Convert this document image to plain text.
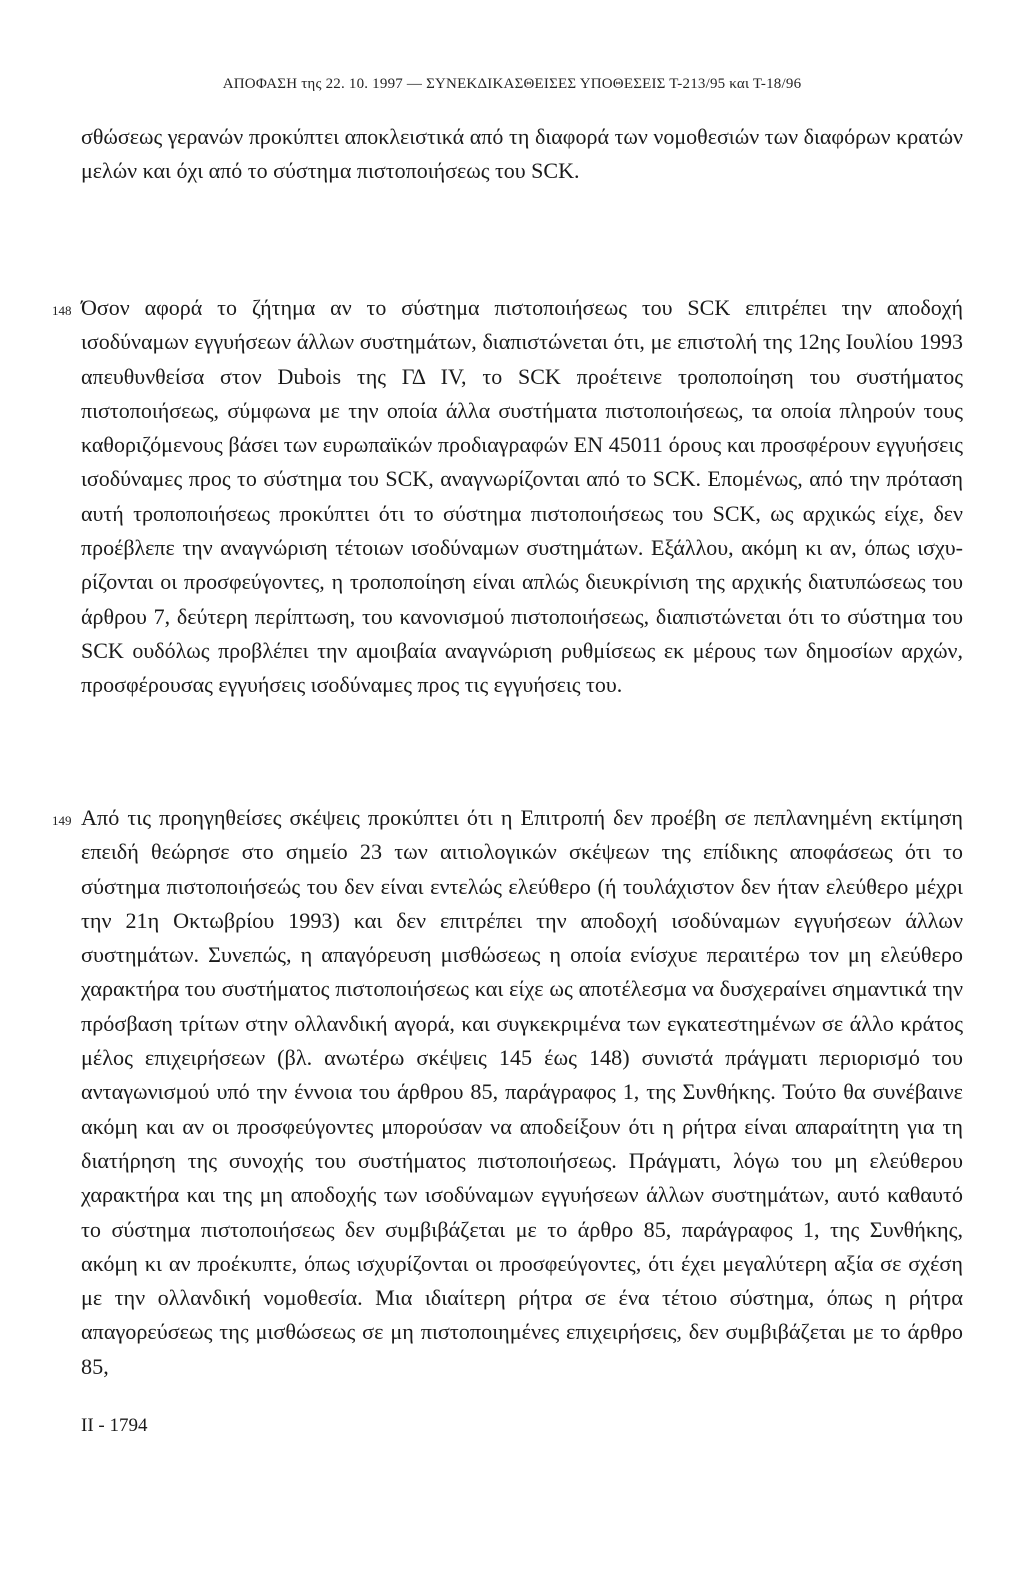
ΑΠΟΦΑΣΗ της 22. 10. 1997 — ΣΥΝΕΚΔΙΚΑΣΘΕΙΣΕΣ ΥΠΟΘΕΣΕΙΣ Τ-213/95 και Τ-18/96

σθώσεως γερανών προκύπτει αποκλειστικά από τη διαφορά των νομοθεσιών των διαφόρων κρατών μελών και όχι από το σύστημα πιστοποιήσεως του SCK.

148 Όσον αφορά το ζήτημα αν το σύστημα πιστοποιήσεως του SCK επιτρέπει την αποδοχή ισοδύναμων εγγυήσεων άλλων συστημάτων, διαπιστώνεται ότι, με επιστολή της 12ης Ιουλίου 1993 απευθυνθείσα στον Dubois της ΓΔ IV, το SCK προέτεινε τροποποίηση του συστήματος πιστοποιήσεως, σύμφωνα με την οποία άλλα συστήματα πιστοποιήσεως, τα οποία πληρούν τους καθοριζόμενους βάσει των ευρωπαϊκών προδιαγραφών EN 45011 όρους και προσφέρουν εγγυήσεις ισοδύναμες προς το σύστημα του SCK, αναγνωρίζονται από το SCK. Επομένως, από την πρόταση αυτή τροποποιήσεως προκύπτει ότι το σύστημα πιστοποιήσεως του SCK, ως αρχικώς είχε, δεν προέβλεπε την αναγνώριση τέτοιων ισοδύναμων συστημάτων. Εξάλλου, ακόμη κι αν, όπως ισχυρίζονται οι προσφεύγοντες, η τροποποίηση είναι απλώς διευκρίνιση της αρχικής διατυπώσεως του άρθρου 7, δεύτερη περίπτωση, του κανονισμού πιστοποιήσεως, διαπιστώνεται ότι το σύστημα του SCK ουδόλως προβλέπει την αμοιβαία αναγνώριση ρυθμίσεως εκ μέρους των δημοσίων αρχών, προσφέρουσας εγγυήσεις ισοδύναμες προς τις εγγυήσεις του.

149 Από τις προηγηθείσες σκέψεις προκύπτει ότι η Επιτροπή δεν προέβη σε πεπλανημένη εκτίμηση επειδή θεώρησε στο σημείο 23 των αιτιολογικών σκέψεων της επίδικης αποφάσεως ότι το σύστημα πιστοποιήσεώς του δεν είναι εντελώς ελεύθερο (ή τουλάχιστον δεν ήταν ελεύθερο μέχρι την 21η Οκτωβρίου 1993) και δεν επιτρέπει την αποδοχή ισοδύναμων εγγυήσεων άλλων συστημάτων. Συνεπώς, η απαγόρευση μισθώσεως η οποία ενίσχυε περαιτέρω τον μη ελεύθερο χαρακτήρα του συστήματος πιστοποιήσεως και είχε ως αποτέλεσμα να δυσχεραίνει σημαντικά την πρόσβαση τρίτων στην ολλανδική αγορά, και συγκεκριμένα των εγκατεστημένων σε άλλο κράτος μέλος επιχειρήσεων (βλ. ανωτέρω σκέψεις 145 έως 148) συνιστά πράγματι περιορισμό του ανταγωνισμού υπό την έννοια του άρθρου 85, παράγραφος 1, της Συνθήκης. Τούτο θα συνέβαινε ακόμη και αν οι προσφεύγοντες μπορούσαν να αποδείξουν ότι η ρήτρα είναι απαραίτητη για τη διατήρηση της συνοχής του συστήματος πιστοποιήσεως. Πράγματι, λόγω του μη ελεύθερου χαρακτήρα και της μη αποδοχής των ισοδύναμων εγγυήσεων άλλων συστημάτων, αυτό καθαυτό το σύστημα πιστοποιήσεως δεν συμβιβάζεται με το άρθρο 85, παράγραφος 1, της Συνθήκης, ακόμη κι αν προέκυπτε, όπως ισχυρίζονται οι προσφεύγοντες, ότι έχει μεγαλύτερη αξία σε σχέση με την ολλανδική νομοθεσία. Μια ιδιαίτερη ρήτρα σε ένα τέτοιο σύστημα, όπως η ρήτρα απαγορεύσεως της μισθώσεως σε μη πιστοποιημένες επιχειρήσεις, δεν συμβιβάζεται με το άρθρο 85,

II - 1794
